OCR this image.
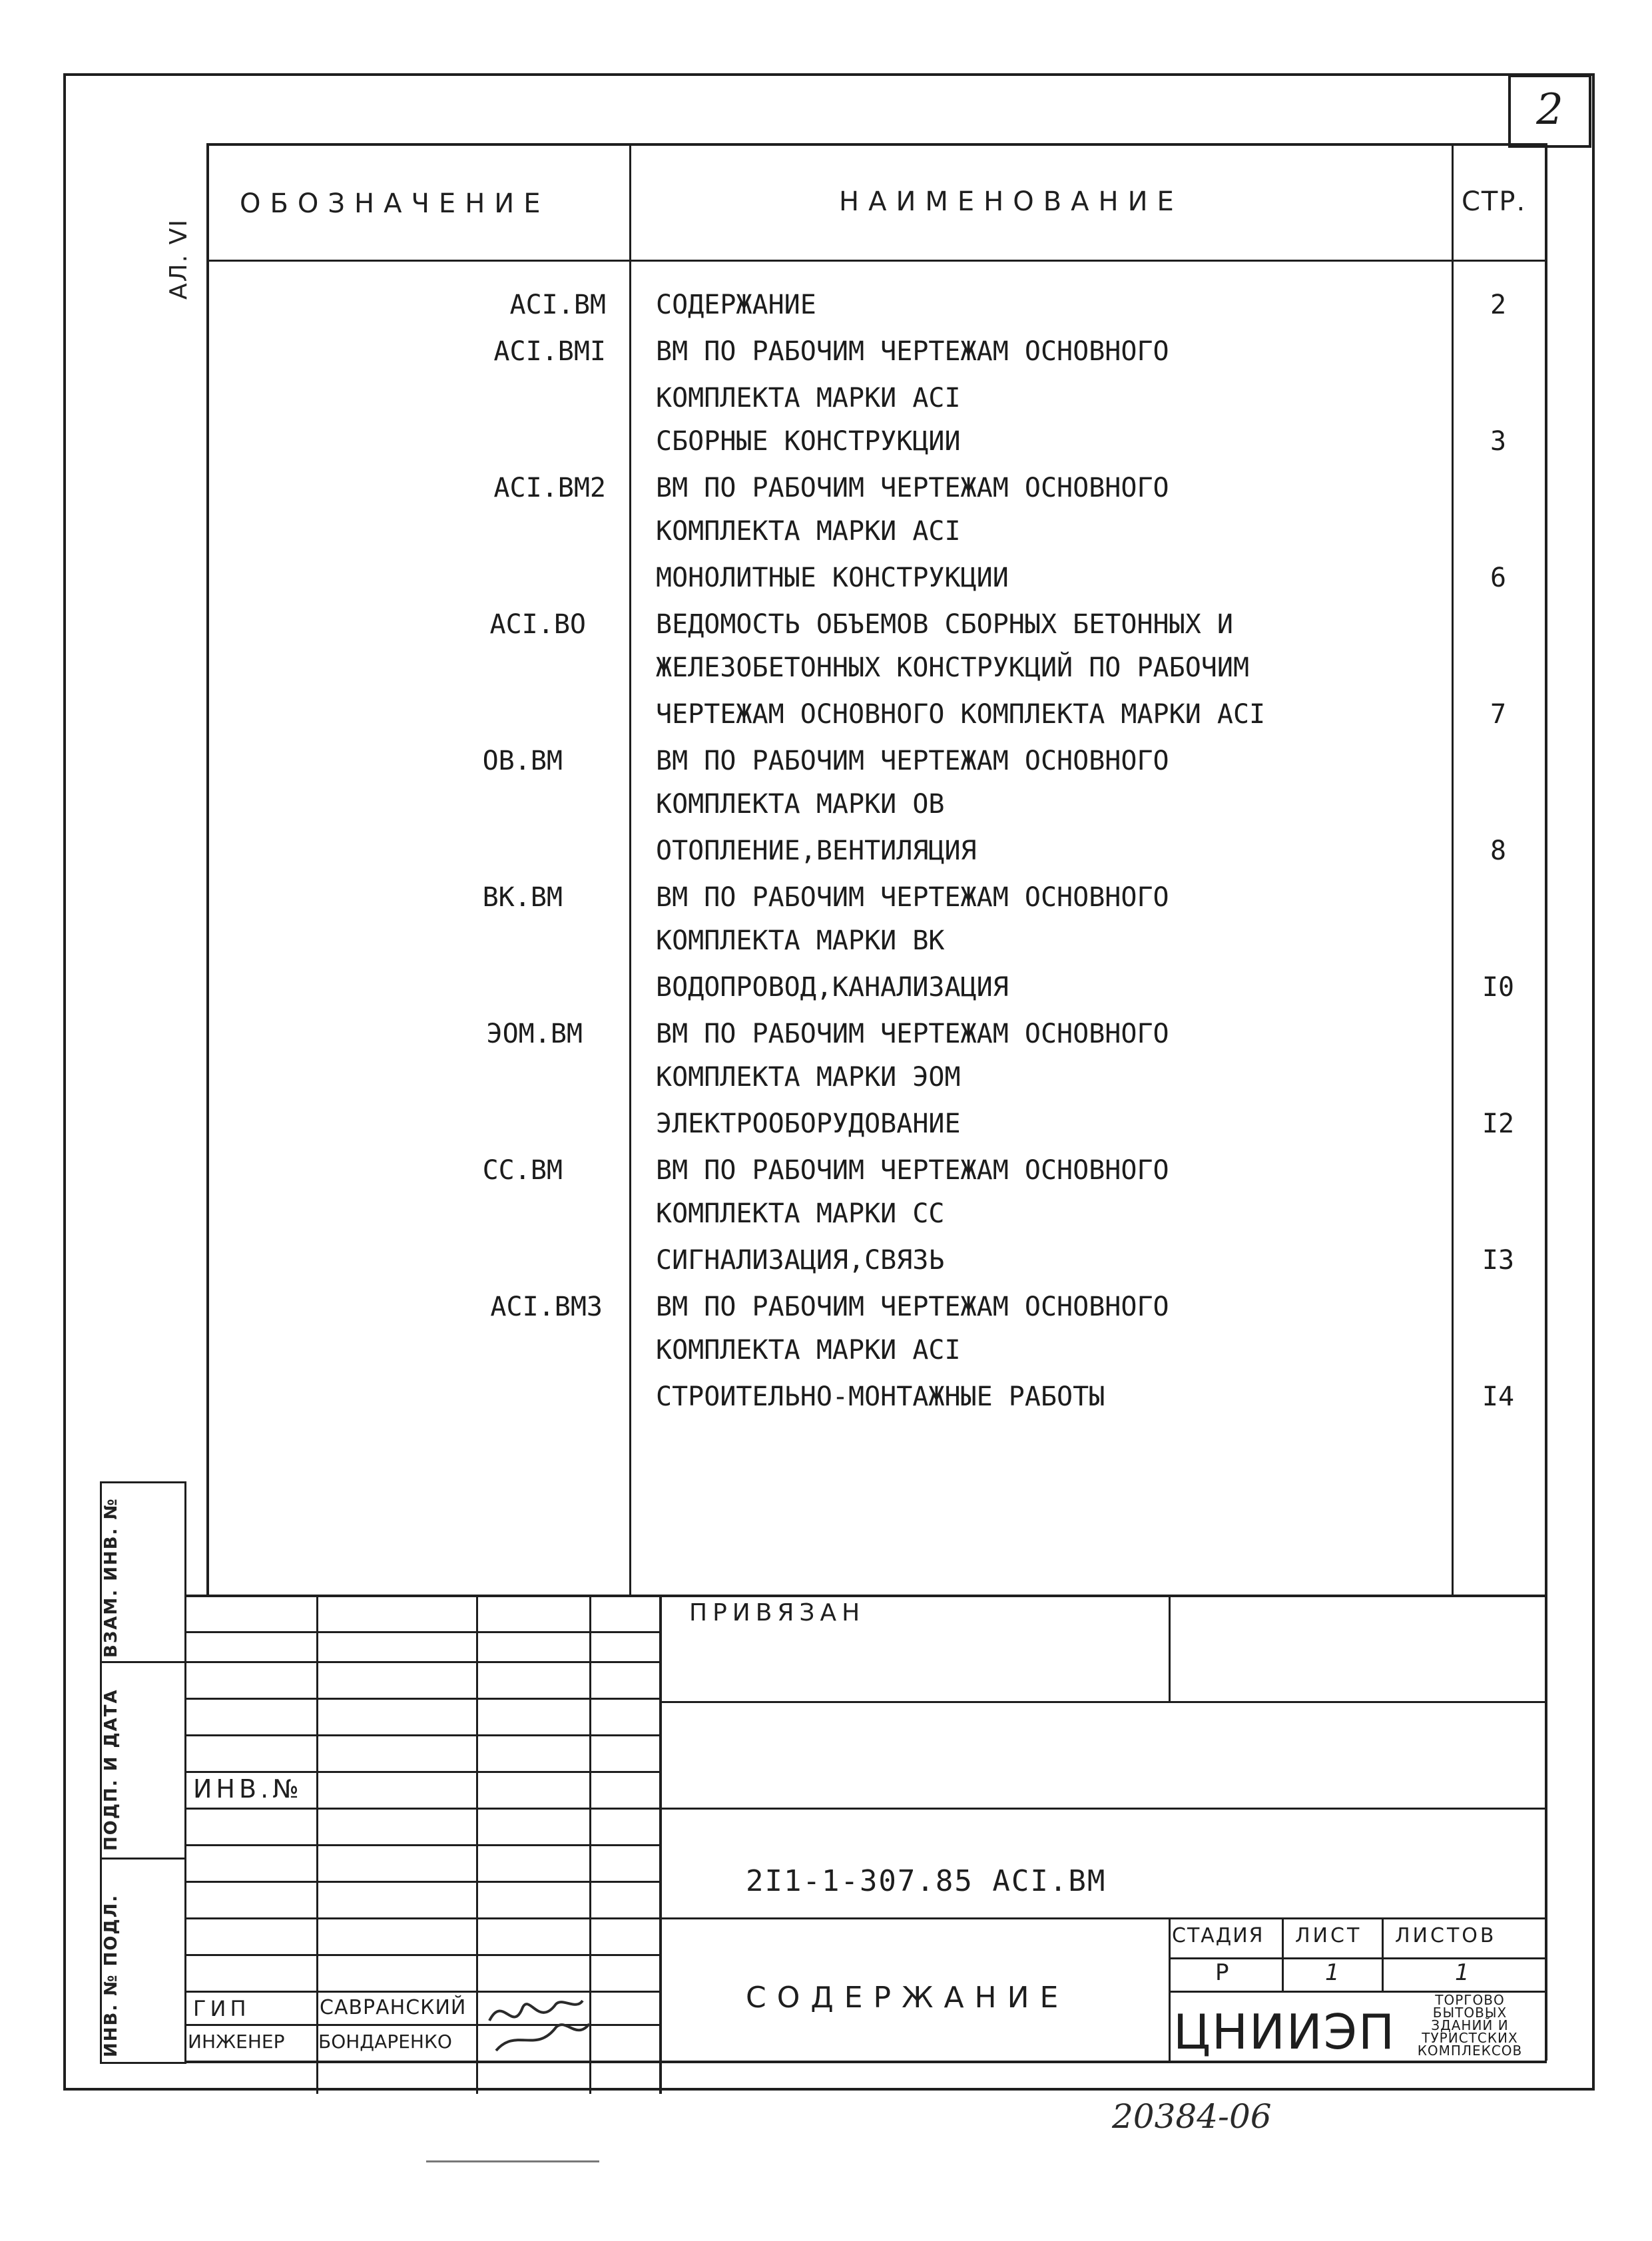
2
ОБОЗНАЧЕНИЕ	НАИМЕНОВАНИЕ	СТР.
АЛ. VI
АСI.ВМ СОДЕРЖАНИЕ	2
АСI.ВМI ВМ ПО РАБОЧИМ ЧЕРТЕЖАМ ОСНОВНОГО
КОМПЛЕКТА МАРКИ АСI
СБОРНЫЕ КОНСТРУКЦИИ	3
АСI.ВМ2 ВМ ПО РАБОЧИМ ЧЕРТЕЖАМ ОСНОВНОГО
КОМПЛЕКТА МАРКИ АСI
МОНОЛИТНЫЕ КОНСТРУКЦИИ	6
АСI.ВО	ВЕДОМОСТЬ ОБЪЕМОВ СБОРНЫХ БЕТОННЫХ И
ЖЕЛЕЗОБЕТОННЫХ КОНСТРУКЦИЙ ПО РАБОЧИМ
ЧЕРТЕЖАМ ОСНОВНОГО КОМПЛЕКТА МАРКИ АСI	7
ОВ.ВМ	ВМ ПО РАБОЧИМ ЧЕРТЕЖАМ ОСНОВНОГО
КОМПЛЕКТА МАРКИ ОВ
ОТОПЛЕНИЕ,ВЕНТИЛЯЦИЯ	8
ВК.ВМ	ВМ ПО РАБОЧИМ ЧЕРТЕЖАМ ОСНОВНОГО
КОМПЛЕКТА МАРКИ ВК
ВОДОПРОВОД,КАНАЛИЗАЦИЯ	I0
ЭОМ.ВМ	ВМ ПО РАБОЧИМ ЧЕРТЕЖАМ ОСНОВНОГО
КОМПЛЕКТА МАРКИ ЭОМ
ЭЛЕКТРООБОРУДОВАНИЕ	I2
СС.ВМ	ВМ ПО РАБОЧИМ ЧЕРТЕЖАМ ОСНОВНОГО
КОМПЛЕКТА МАРКИ СС
СИГНАЛИЗАЦИЯ,СВЯЗЬ	I3
АСI.ВМ3 ВМ ПО РАБОЧИМ ЧЕРТЕЖАМ ОСНОВНОГО
КОМПЛЕКТА МАРКИ АСI
СТРОИТЕЛЬНО-МОНТАЖНЫЕ РАБОТЫ	I4
ВЗАМ. ИНВ. №
ПОДП. И ДАТА
ИНВ. № ПОДЛ.
ПРИВЯЗАН
ИНВ.№
2I1-1-307.85 АСI.ВМ
СОДЕРЖАНИЕ
СТАДИЯ ЛИСТ ЛИСТОВ
Р	1	1
ЦНИИЭП
ТОРГОВО
БЫТОВЫХ
ЗДАНИЙ И
ТУРИСТСКИХ
КОМПЛЕКСОВ
ГИП	САВРАНСКИЙ
ИНЖЕНЕР БОНДАРЕНКО
20384-06
